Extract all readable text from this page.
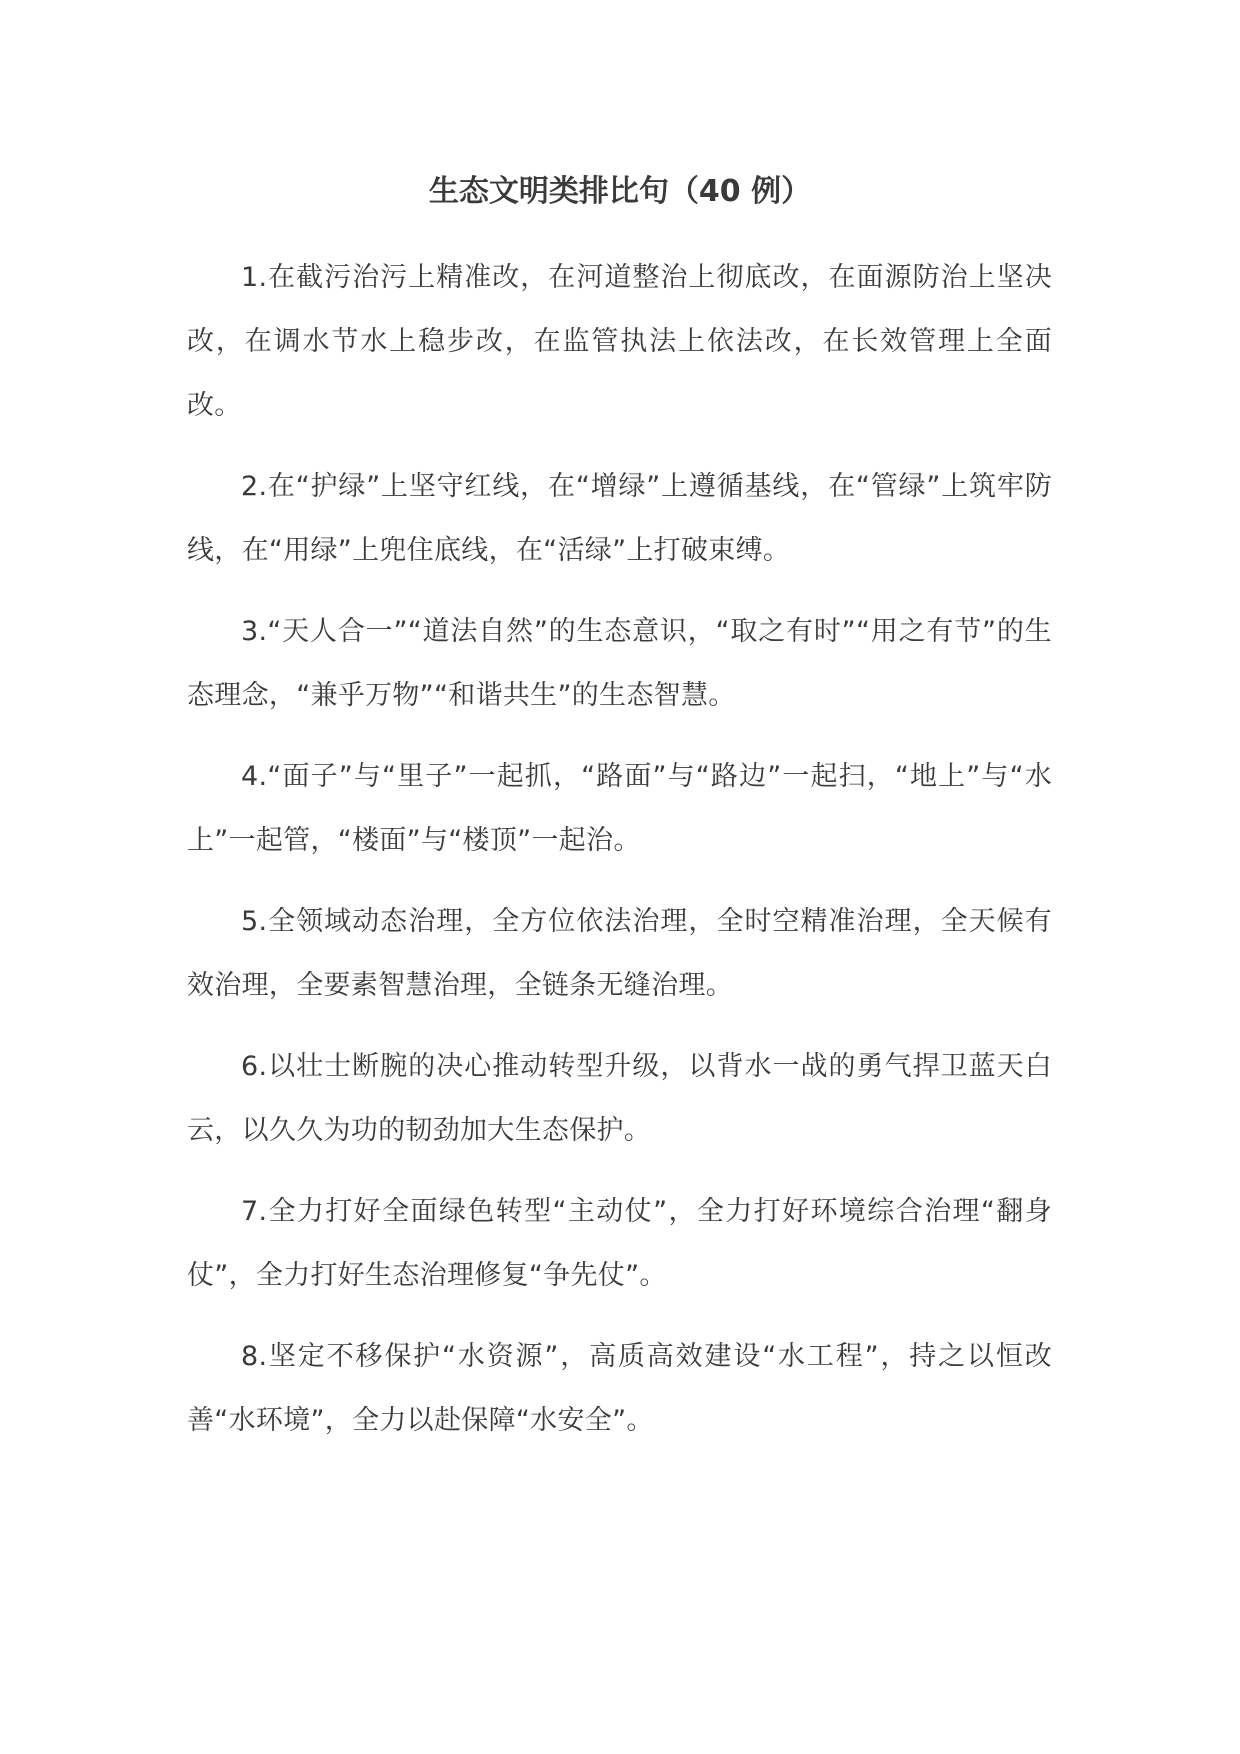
生态文明类排比句（40 例）

1.在截污治污上精准改，在河道整治上彻底改，在面源防治上坚决改，在调水节水上稳步改，在监管执法上依法改，在长效管理上全面改。

2.在“护绿”上坚守红线，在“增绿”上遵循基线，在“管绿”上筑牢防线，在“用绿”上兜住底线，在“活绿”上打破束缚。

3.“天人合一”“道法自然”的生态意识，“取之有时”“用之有节”的生态理念，“兼乎万物”“和谐共生”的生态智慧。

4.“面子”与“里子”一起抓，“路面”与“路边”一起扫，“地上”与“水上”一起管，“楼面”与“楼顶”一起治。

5.全领域动态治理，全方位依法治理，全时空精准治理，全天候有效治理，全要素智慧治理，全链条无缝治理。

6.以壮士断腕的决心推动转型升级，以背水一战的勇气捍卫蓝天白云，以久久为功的韧劲加大生态保护。

7.全力打好全面绿色转型“主动仗”，全力打好环境综合治理“翻身仗”，全力打好生态治理修复“争先仗”。

8.坚定不移保护“水资源”，高质高效建设“水工程”，持之以恒改善“水环境”，全力以赴保障“水安全”。
